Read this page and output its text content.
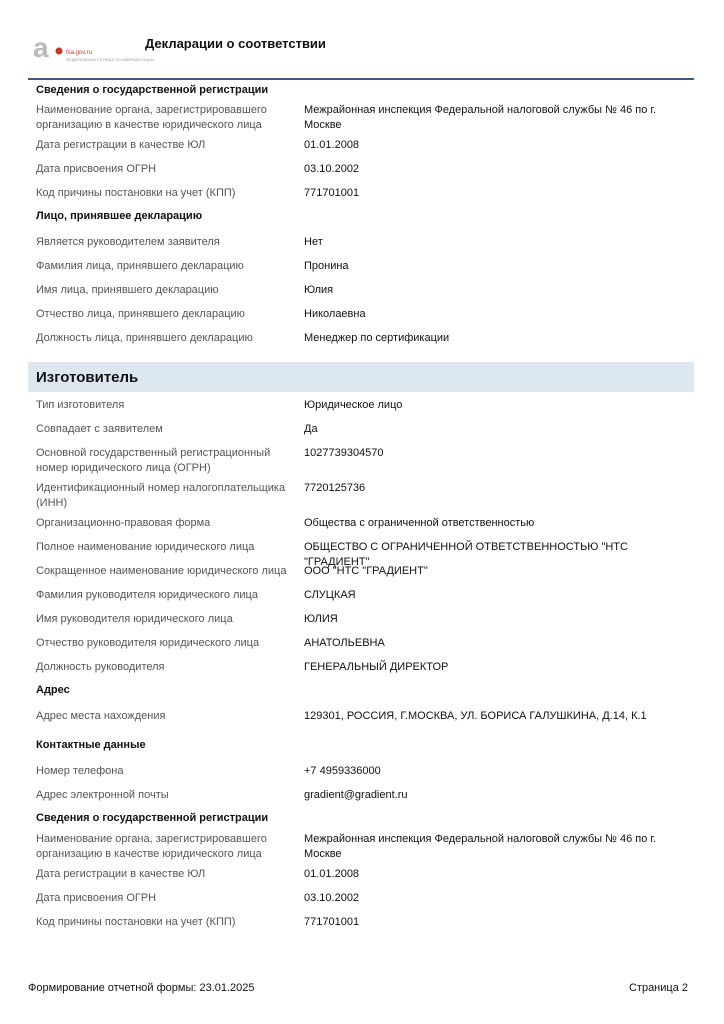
a	fsa.gov.ru
ФЕДЕРАЛЬНАЯ СЛУЖБА ПО АККРЕДИТАЦИИ
Декларации о соответствии
Сведения о государственной регистрации
Наименование органа, зарегистрировавшего организацию в качестве юридического лица
Межрайонная инспекция Федеральной налоговой службы № 46 по г. Москве
Дата регистрации в качестве ЮЛ	01.01.2008
Дата присвоения ОГРН	03.10.2002
Код причины постановки на учет (КПП)	771701001
Лицо, принявшее декларацию
Является руководителем заявителя	Нет
Фамилия лица, принявшего декларацию	Пронина
Имя лица, принявшего декларацию	Юлия
Отчество лица, принявшего декларацию	Николаевна
Должность лица, принявшего декларацию	Менеджер по сертификации
Изготовитель
Тип изготовителя	Юридическое лицо
Совпадает с заявителем	Да
Основной государственный регистрационный номер юридического лица (ОГРН)
1027739304570
Идентификационный номер налогоплательщика (ИНН)
7720125736
Организационно-правовая форма	Общества с ограниченной ответственностью
Полное наименование юридического лица	ОБЩЕСТВО С ОГРАНИЧЕННОЙ ОТВЕТСТВЕННОСТЬЮ "НТС "ГРАДИЕНТ"
Сокращенное наименование юридического лица	ООО "НТС "ГРАДИЕНТ"
Фамилия руководителя юридического лица	СЛУЦКАЯ
Имя руководителя юридического лица	ЮЛИЯ
Отчество руководителя юридического лица	АНАТОЛЬЕВНА
Должность руководителя	ГЕНЕРАЛЬНЫЙ ДИРЕКТОР
Адрес
Адрес места нахождения	129301, РОССИЯ, Г.МОСКВА, УЛ. БОРИСА ГАЛУШКИНА, Д.14, К.1
Контактные данные
Номер телефона	+7 4959336000
Адрес электронной почты	gradient@gradient.ru
Сведения о государственной регистрации
Наименование органа, зарегистрировавшего организацию в качестве юридического лица
Межрайонная инспекция Федеральной налоговой службы № 46 по г. Москве
Дата регистрации в качестве ЮЛ	01.01.2008
Дата присвоения ОГРН	03.10.2002
Код причины постановки на учет (КПП)	771701001
Формирование отчетной формы: 23.01.2025	Страница 2
